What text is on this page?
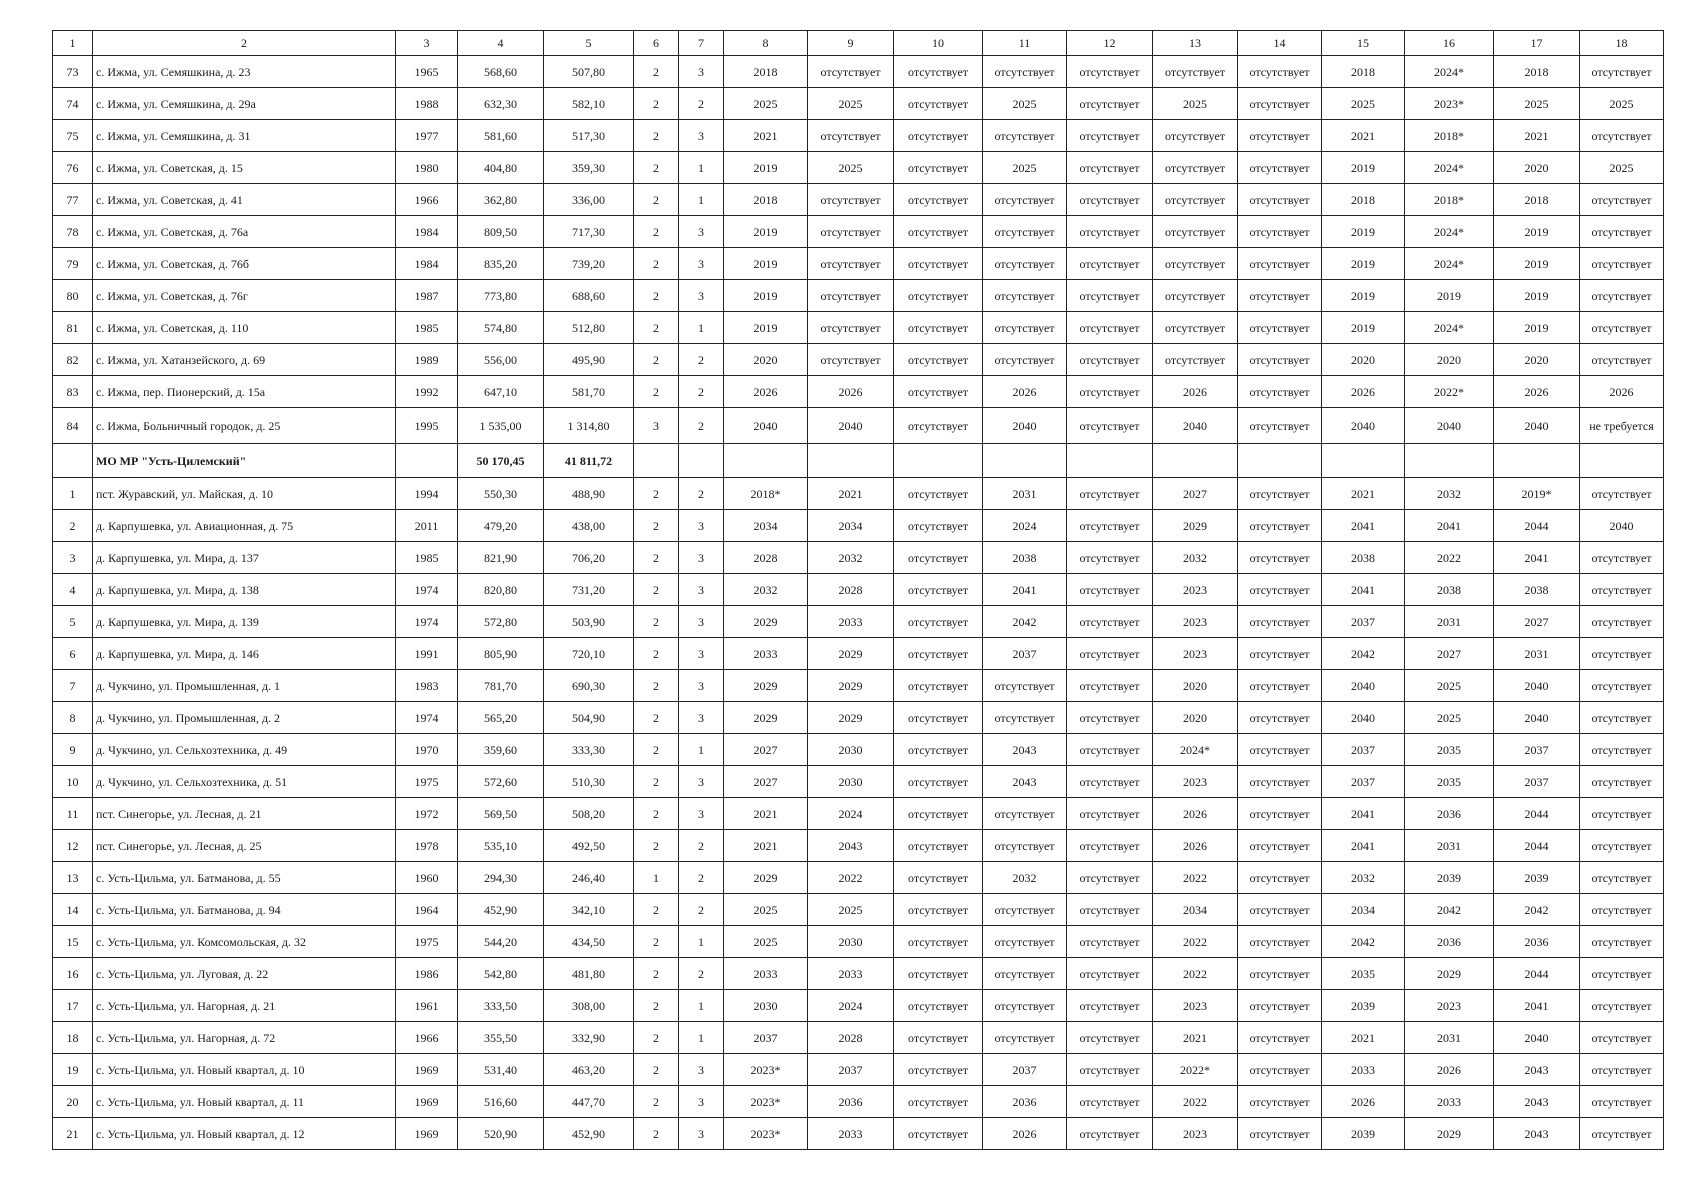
1	2	3	4	5	6	7	8	9	10	11	12	13	14	15	16	17	18
73	с. Ижма, ул. Семяшкина, д. 23	1965	568,60	507,80	2	3	2018	отсутствует	отсутствует	отсутствует	отсутствует	отсутствует	отсутствует	2018	2024*	2018	отсутствует
74	с. Ижма, ул. Семяшкина, д. 29а	1988	632,30	582,10	2	2	2025	2025	отсутствует	2025	отсутствует	2025	отсутствует	2025	2023*	2025	2025
75	с. Ижма, ул. Семяшкина, д. 31	1977	581,60	517,30	2	3	2021	отсутствует	отсутствует	отсутствует	отсутствует	отсутствует	отсутствует	2021	2018*	2021	отсутствует
76	с. Ижма, ул. Советская, д. 15	1980	404,80	359,30	2	1	2019	2025	отсутствует	2025	отсутствует	отсутствует	отсутствует	2019	2024*	2020	2025
77	с. Ижма, ул. Советская, д. 41	1966	362,80	336,00	2	1	2018	отсутствует	отсутствует	отсутствует	отсутствует	отсутствует	отсутствует	2018	2018*	2018	отсутствует
78	с. Ижма, ул. Советская, д. 76а	1984	809,50	717,30	2	3	2019	отсутствует	отсутствует	отсутствует	отсутствует	отсутствует	отсутствует	2019	2024*	2019	отсутствует
79	с. Ижма, ул. Советская, д. 76б	1984	835,20	739,20	2	3	2019	отсутствует	отсутствует	отсутствует	отсутствует	отсутствует	отсутствует	2019	2024*	2019	отсутствует
80	с. Ижма, ул. Советская, д. 76г	1987	773,80	688,60	2	3	2019	отсутствует	отсутствует	отсутствует	отсутствует	отсутствует	отсутствует	2019	2019	2019	отсутствует
81	с. Ижма, ул. Советская, д. 110	1985	574,80	512,80	2	1	2019	отсутствует	отсутствует	отсутствует	отсутствует	отсутствует	отсутствует	2019	2024*	2019	отсутствует
82	с. Ижма, ул. Хатанзейского, д. 69	1989	556,00	495,90	2	2	2020	отсутствует	отсутствует	отсутствует	отсутствует	отсутствует	отсутствует	2020	2020	2020	отсутствует
83	с. Ижма, пер. Пионерский, д. 15а	1992	647,10	581,70	2	2	2026	2026	отсутствует	2026	отсутствует	2026	отсутствует	2026	2022*	2026	2026
84	с. Ижма, Больничный городок, д. 25	1995	1 535,00	1 314,80	3	2	2040	2040	отсутствует	2040	отсутствует	2040	отсутствует	2040	2040	2040	не требуется
	МО МР "Усть-Цилемский"		50 170,45	41 811,72													
1	пст. Журавский, ул. Майская, д. 10	1994	550,30	488,90	2	2	2018*	2021	отсутствует	2031	отсутствует	2027	отсутствует	2021	2032	2019*	отсутствует
2	д. Карпушевка, ул. Авиационная, д. 75	2011	479,20	438,00	2	3	2034	2034	отсутствует	2024	отсутствует	2029	отсутствует	2041	2041	2044	2040
3	д. Карпушевка, ул. Мира, д. 137	1985	821,90	706,20	2	3	2028	2032	отсутствует	2038	отсутствует	2032	отсутствует	2038	2022	2041	отсутствует
4	д. Карпушевка, ул. Мира, д. 138	1974	820,80	731,20	2	3	2032	2028	отсутствует	2041	отсутствует	2023	отсутствует	2041	2038	2038	отсутствует
5	д. Карпушевка, ул. Мира, д. 139	1974	572,80	503,90	2	3	2029	2033	отсутствует	2042	отсутствует	2023	отсутствует	2037	2031	2027	отсутствует
6	д. Карпушевка, ул. Мира, д. 146	1991	805,90	720,10	2	3	2033	2029	отсутствует	2037	отсутствует	2023	отсутствует	2042	2027	2031	отсутствует
7	д. Чукчино, ул. Промышленная, д. 1	1983	781,70	690,30	2	3	2029	2029	отсутствует	отсутствует	отсутствует	2020	отсутствует	2040	2025	2040	отсутствует
8	д. Чукчино, ул. Промышленная, д. 2	1974	565,20	504,90	2	3	2029	2029	отсутствует	отсутствует	отсутствует	2020	отсутствует	2040	2025	2040	отсутствует
9	д. Чукчино, ул. Сельхозтехника, д. 49	1970	359,60	333,30	2	1	2027	2030	отсутствует	2043	отсутствует	2024*	отсутствует	2037	2035	2037	отсутствует
10	д. Чукчино, ул. Сельхозтехника, д. 51	1975	572,60	510,30	2	3	2027	2030	отсутствует	2043	отсутствует	2023	отсутствует	2037	2035	2037	отсутствует
11	пст. Синегорье, ул. Лесная, д. 21	1972	569,50	508,20	2	3	2021	2024	отсутствует	отсутствует	отсутствует	2026	отсутствует	2041	2036	2044	отсутствует
12	пст. Синегорье, ул. Лесная, д. 25	1978	535,10	492,50	2	2	2021	2043	отсутствует	отсутствует	отсутствует	2026	отсутствует	2041	2031	2044	отсутствует
13	с. Усть-Цильма, ул. Батманова, д. 55	1960	294,30	246,40	1	2	2029	2022	отсутствует	2032	отсутствует	2022	отсутствует	2032	2039	2039	отсутствует
14	с. Усть-Цильма, ул. Батманова, д. 94	1964	452,90	342,10	2	2	2025	2025	отсутствует	отсутствует	отсутствует	2034	отсутствует	2034	2042	2042	отсутствует
15	с. Усть-Цильма, ул. Комсомольская, д. 32	1975	544,20	434,50	2	1	2025	2030	отсутствует	отсутствует	отсутствует	2022	отсутствует	2042	2036	2036	отсутствует
16	с. Усть-Цильма, ул. Луговая, д. 22	1986	542,80	481,80	2	2	2033	2033	отсутствует	отсутствует	отсутствует	2022	отсутствует	2035	2029	2044	отсутствует
17	с. Усть-Цильма, ул. Нагорная, д. 21	1961	333,50	308,00	2	1	2030	2024	отсутствует	отсутствует	отсутствует	2023	отсутствует	2039	2023	2041	отсутствует
18	с. Усть-Цильма, ул. Нагорная, д. 72	1966	355,50	332,90	2	1	2037	2028	отсутствует	отсутствует	отсутствует	2021	отсутствует	2021	2031	2040	отсутствует
19	с. Усть-Цильма, ул. Новый квартал, д. 10	1969	531,40	463,20	2	3	2023*	2037	отсутствует	2037	отсутствует	2022*	отсутствует	2033	2026	2043	отсутствует
20	с. Усть-Цильма, ул. Новый квартал, д. 11	1969	516,60	447,70	2	3	2023*	2036	отсутствует	2036	отсутствует	2022	отсутствует	2026	2033	2043	отсутствует
21	с. Усть-Цильма, ул. Новый квартал, д. 12	1969	520,90	452,90	2	3	2023*	2033	отсутствует	2026	отсутствует	2023	отсутствует	2039	2029	2043	отсутствует
